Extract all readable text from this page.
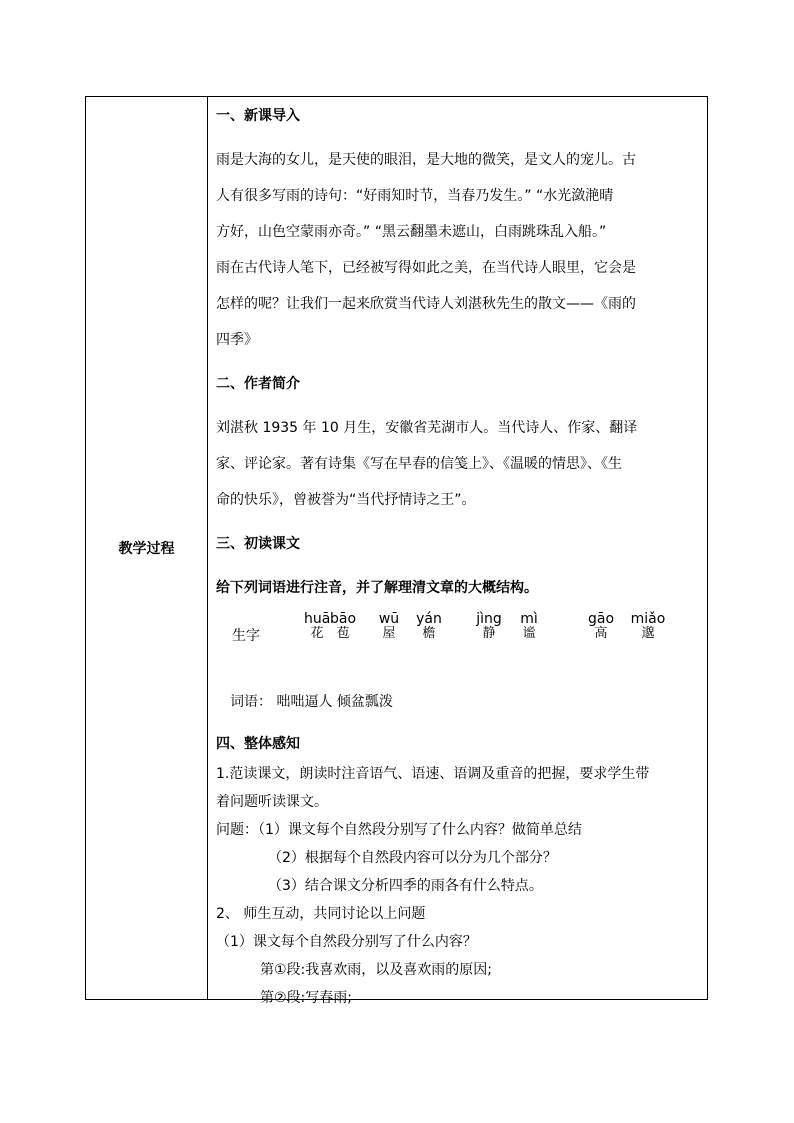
教学过程
一、新课导入
雨是大海的女儿，是天使的眼泪，是大地的微笑，是文人的宠儿。古
人有很多写雨的诗句：“好雨知时节，当春乃发生。” “水光潋滟晴
方好，山色空蒙雨亦奇。” “黑云翻墨未遮山，白雨跳珠乱入船。”
雨在古代诗人笔下，已经被写得如此之美，在当代诗人眼里，它会是
怎样的呢？让我们一起来欣赏当代诗人刘湛秋先生的散文——《雨的
四季》
二、作者简介
刘湛秋 1935 年 10 月生，安徽省芜湖市人。当代诗人、作家、翻译
家、评论家。著有诗集《写在早春的信笺上》、《温暖的情思》、《生
命的快乐》，曾被誉为“当代抒情诗之王”。
三、初读课文
给下列词语进行注音，并了解理清文章的大概结构。
生字
huā
花
bāo
苞
wū
屋
yán
檐
jìng
静
mì
谧
gāo
高
miǎo
邈
词语： 咄咄逼人 倾盆瓢泼
四、整体感知
1.范读课文，朗读时注音语气、语速、语调及重音的把握，要求学生带
着问题听读课文。
问题：（1）课文每个自然段分别写了什么内容？做简单总结
（2）根据每个自然段内容可以分为几个部分？
（3）结合课文分析四季的雨各有什么特点。
2、 师生互动，共同讨论以上问题
（1）课文每个自然段分别写了什么内容？
第①段:我喜欢雨，以及喜欢雨的原因;
第②段:写春雨;
